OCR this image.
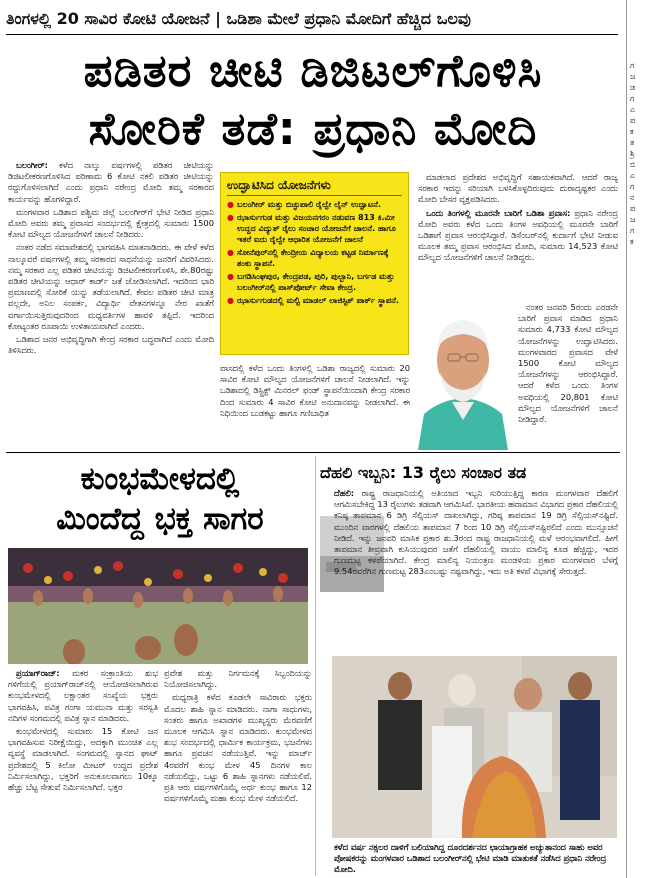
ತಿಂಗಳಲ್ಲಿ 20 ಸಾವಿರ ಕೋಟಿ ಯೋಜನೆ | ಒಡಿಶಾ ಮೇಲೆ ಪ್ರಧಾನಿ ಮೋದಿಗೆ ಹೆಚ್ಚಿದ ಒಲವು
ಪಡಿತರ ಚೀಟಿ ಡಿಜಿಟಲ್‌ಗೊಳಿಸಿ
ಸೋರಿಕೆ ತಡೆ: ಪ್ರಧಾನಿ ಮೋದಿ

ಬಲಂಗೀರ್: ಕಳೆದ ನಾಲ್ಕು ವರ್ಷಗಳಲ್ಲಿ ಪಡಿತರ ಚೀಟಿಯನ್ನು ಡಿಜಿಟಲೀಕರಣಗೊಳಿಸಿದ ಪರಿಣಾಮ 6 ಕೋಟಿ ನಕಲಿ ಪಡಿತರ ಚೀಟಿಯನ್ನು ರದ್ದುಗೊಳಿಸಲಾಗಿದೆ ಎಂದು ಪ್ರಧಾನಿ ನರೇಂದ್ರ ಮೋದಿ ತಮ್ಮ ಸರಕಾರದ ಕಾರ್ಯವನ್ನು ಹೊಗಳಿದ್ದಾರೆ.

ಮಂಗಳವಾರ ಒಡಿಶಾದ ಪಶ್ಚಿಮ ಜಿಲ್ಲೆ ಬಲಂಗೀರ್‌ಗೆ ಭೇಟಿ ನೀಡಿದ ಪ್ರಧಾನಿ ಮೋದಿ ಅವರು ತಮ್ಮ ಪ್ರವಾಸದ ಸಂದರ್ಭದಲ್ಲಿ ಕ್ಷೇತ್ರದಲ್ಲಿ ಸುಮಾರು 1500 ಕೋಟಿ ಮೌಲ್ಯದ ಯೋಜನೆಗಳಿಗೆ ಚಾಲನೆ ನೀಡಿದರು.

ನಂತರ ನಡೆದ ಸಮಾವೇಶದಲ್ಲಿ ಭಾಗವಹಿಸಿ ಮಾತನಾಡಿದರು. ಈ ವೇಳೆ ಕಳೆದ ನಾಲ್ಕೂವರೆ ವರ್ಷಗಳಲ್ಲಿ ತಮ್ಮ ಸರಕಾರದ ಸಾಧನೆಯನ್ನು ಜನರಿಗೆ ವಿವರಿಸಿದರು. ನಮ್ಮ ಸರಕಾರ ಎಲ್ಲ ಪಡಿತರ ಚೀಟಿಯನ್ನು ಡಿಜಿಟಲೀಕರಣಗೊಳಿಸಿ, ಶೇ.80ರಷ್ಟು ಪಡಿತರ ಚೀಟಿಯನ್ನು ಆಧಾರ್ ಕಾರ್ಡ್ ಜತೆ ಜೋಡಿಸಲಾಗಿದೆ. ಇದರಿಂದ ಭಾರಿ ಪ್ರಮಾಣದಲ್ಲಿ ಸೋರಿಕೆ ಯನ್ನು ತಡೆಯಲಾಗಿದೆ. ಕೇವಲ ಪಡಿತರ ಚೀಟಿ ಮಾತ್ರ ವಲ್ಲದೇ, ಅನಿಲ ಸಂಪರ್ಕ, ವಿದ್ಯಾರ್ಥಿ ವೇತನಗಳನ್ನೂ ನೇರ ಖಾತೆಗೆ ವರ್ಗಾಯಿಸುತ್ತಿರುವುದರಿಂದ ಮಧ್ಯವರ್ತಿಗಳ ಹಾವಳಿ ತಪ್ಪಿದೆ. ಇದರಿಂದ ಕೋಟ್ಯಂತರ ರೂಪಾಯಿ ಉಳಿತಾಯವಾಗಿದೆ ಎಂದರು.

ಒಡಿಶಾದ ಜನರ ಅಭಿವೃದ್ಧಿಗಾಗಿ ಕೇಂದ್ರ ಸರಕಾರ ಬದ್ಧವಾಗಿದೆ ಎಂದು ಮೋದಿ ತಿಳಿಸಿದರು.

ಉದ್ಘಾಟಿಸಿದ ಯೋಜನೆಗಳು
● ಬಲಂಗೀರ್ ಮತ್ತು ಬಿಚ್ಛುಪಾಲಿ ರೈಲ್ವೇ ಲೈನ್ ಉದ್ಘಾಟನೆ.
● ಝಾರ್ಸುಗುಡ ಮತ್ತು ವಿಜಯನಗರಂ ನಡುವಣ 813 ಕಿ.ಮೀ ಉದ್ದದ ವಿದ್ಯುತ್ ರೈಲು ಸಂಚಾರ ಯೋಜನೆಗೆ ಚಾಲನೆ. ಹಾಗೂ ಇತರೆ ಐದು ರೈಲ್ವೇ ಆಧಾರಿತ ಯೋಜನೆಗೆ ಚಾಲನೆ
● ಸೋನೆಪುರ್‌ನಲ್ಲಿ ಕೇಂದ್ರೀಯ ವಿದ್ಯಾಲಯ ಕಟ್ಟಡ ನಿರ್ಮಾಣಕ್ಕೆ ಶಂಕು ಸ್ಥಾಪನೆ.
● ಬಗಡಿಸಿಂಘಪುರ, ಕೇಂದ್ರಪಡ, ಪುರಿ, ಪುಲ್ಬಾನಿ, ಬರ್ಗಡ ಮತ್ತು ಬಲಂಗೀರ್‌ನಲ್ಲಿ ಪಾಸ್‌ಪೋರ್ಟ್ ಸೇವಾ ಕೇಂದ್ರ.
● ಝಾರ್ಸುಗುಡದಲ್ಲಿ ಮಲ್ಟಿ ಮಾಡಲ್ ಲಾಜಿಸ್ಟಿಕ್ ಪಾರ್ಕ್ ಸ್ಥಾಪನೆ.

ವಾಸದಲ್ಲಿ ಕಳೆದ ಒಂದು ತಿಂಗಳಲ್ಲಿ ಒಡಿಶಾ ರಾಜ್ಯದಲ್ಲಿ ಸುಮಾರು 20 ಸಾವಿರ ಕೋಟಿ ಮೌಲ್ಯದ ಯೋಜನೆಗಳಿಗೆ ಚಾಲನೆ ನೀಡಲಾಗಿದೆ. ಇನ್ನು ಒಡಿಶಾದಲ್ಲಿ ಡಿಸ್ಟ್ರಿಕ್ಟ್ ಮಿನರಲ್ ಫಂಡ್ ಸ್ಥಾಪನೆಯಿಂದಾಗಿ ಕೇಂದ್ರ ಸರಕಾರ ದಿಂದ ಸುಮಾರು 4 ಸಾವಿರ ಕೋಟಿ ಅನುದಾನವನ್ನು ನೀಡಲಾಗಿದೆ. ಈ ನಿಧಿಯಿಂದ ಬುಡಕಟ್ಟು ಹಾಗೂ ಗಣಿಬಾಧಿತ

ಮಾಡಲಾದ ಪ್ರದೇಶದ ಅಭಿವೃದ್ಧಿಗೆ ಸಹಾಯಕವಾಗಿದೆ. ಆದರೆ ರಾಜ್ಯ ಸರಕಾರ ಇದನ್ನು ಸರಿಯಾಗಿ ಬಳಸಿಕೊಳ್ಳದಿರುವುದು ದುರಾದೃಷ್ಟಕರ ಎಂದು ಮೋದಿ ಬೇಸರ ವ್ಯಕ್ತಪಡಿಸಿದರು.

ಒಂದು ತಿಂಗಳಲ್ಲಿ ಮೂರನೇ ಬಾರಿಗೆ ಒಡಿಶಾ ಪ್ರವಾಸ: ಪ್ರಧಾನಿ ನರೇಂದ್ರ ಮೋದಿ ಅವರು ಕಳೆದ ಒಂದು ತಿಂಗಳ ಅವಧಿಯಲ್ಲಿ ಮೂರನೇ ಬಾರಿಗೆ ಒಡಿಶಾಗೆ ಪ್ರವಾಸ ಆರಂಭಿಸಿದ್ದಾರೆ. ಡಿಸೆಂಬರ್‌ನಲ್ಲಿ ಕುರ್ದಾಗೆ ಭೇಟಿ ನೀಡುವ ಮೂಲಕ ತಮ್ಮ ಪ್ರವಾಸ ಆರಂಭಿಸಿದ ಮೋದಿ, ಸುಮಾರು 14,523 ಕೋಟಿ ಮೌಲ್ಯದ ಯೋಜನೆಗಳಿಗೆ ಚಾಲನೆ ನೀಡಿದ್ದರು.

ನಂತರ ಜನವರಿ 5ರಂದು ಎರಡನೇ ಬಾರಿಗೆ ಪ್ರವಾಸ ಮಾಡಿದ ಪ್ರಧಾನಿ ಸುಮಾರು 4,733 ಕೋಟಿ ಮೌಲ್ಯದ ಯೋಜನೆಗಳನ್ನು ಉದ್ಘಾಟಿಸಿದರು. ಮಂಗಳವಾರದ ಪ್ರವಾಸದ ವೇಳೆ 1500 ಕೋಟಿ ಮೌಲ್ಯದ ಯೋಜನೆಗಳನ್ನು ಆರಂಭಿಸಿದ್ದಾರೆ. ಆದರೆ ಕಳೆದ ಒಂದು ತಿಂಗಳ ಅವಧಿಯಲ್ಲಿ 20,801 ಕೋಟಿ ಮೌಲ್ಯದ ಯೋಜನೆಗಳಿಗೆ ಚಾಲನೆ ನೀಡಿದ್ದಾರೆ.

ಕುಂಭಮೇಳದಲ್ಲಿ
ಮಿಂದೆದ್ದ ಭಕ್ತ ಸಾಗರ

ಪ್ರಯಾಗ್‌ರಾಜ್: ಮಕರ ಸಂಕ್ರಾಂತಿಯ ಶುಭ ಗಳಿಗೆಯಲ್ಲಿ ಪ್ರಯಾಗ್‌ರಾಜ್‌ನಲ್ಲಿ ಆಯೋಜಿಸಲಾಗಿರುವ ಕುಂಭಮೇಳದಲ್ಲಿ ಲಕ್ಷಾಂತರ ಸಂಖ್ಯೆಯ ಭಕ್ತರು ಭಾಗವಹಿಸಿ, ಪವಿತ್ರ ಗಂಗಾ ಯಮುನಾ ಮತ್ತು ಸರಸ್ವತಿ ನದಿಗಳ ಸಂಗಮದಲ್ಲಿ ಪವಿತ್ರ ಸ್ನಾನ ಮಾಡಿದರು.

ಕುಂಭಮೇಳದಲ್ಲಿ ಸುಮಾರು 15 ಕೋಟಿ ಜನ ಭಾಗವಹಿಸುವ ನಿರೀಕ್ಷೆಯಿದ್ದು, ಅದಕ್ಕಾಗಿ ಮುಂಚಿತ ಎಲ್ಲ ವ್ಯವಸ್ಥೆ ಮಾಡಲಾಗಿದೆ. ಸಂಗಮದಲ್ಲಿ ಸ್ನಾನದ ಘಾಟ್ ಪ್ರದೇಶದಲ್ಲಿ 5 ಕಿಲೋ ಮೀಟರ್ ಉದ್ದದ ಪ್ರದೇಶ ನಿರ್ಮಿಸಲಾಗಿದ್ದು, ಭಕ್ತರಿಗೆ ಅನುಕೂಲವಾಗಲು 10ಕ್ಕೂ ಹೆಚ್ಚು ಬೆಟ್ಟ ಸೇತುವೆ ನಿರ್ಮಿಸಲಾಗಿದೆ. ಭಕ್ತರ

ಪ್ರವೇಶ ಮತ್ತು ನಿರ್ಗಮನಕ್ಕೆ ಸಿಬ್ಬಂದಿಯನ್ನು ನಿಯೋಜಿಸಲಾಗಿದ್ದು.

ಮಧ್ಯರಾತ್ರಿ ಕಳೆದ ಕೂಡಲೇ ಸಾವಿರಾರು ಭಕ್ತರು ಮೊದಲ ಶಾಹಿ ಸ್ನಾನ ಮಾಡಿದರು. ನಾಗಾ ಸಾಧುಗಳು, ಸಂತರು ಹಾಗೂ ಅಖಾಡಗಳ ಮುಖ್ಯಸ್ಥರು ಮೆರವಣಿಗೆ ಮೂಲಕ ಆಗಮಿಸಿ ಸ್ನಾನ ಮಾಡಿದರು. ಕುಂಭಮೇಳದ ಶುಭ ಸಂದರ್ಭದಲ್ಲಿ ಧಾರ್ಮಿಕ ಕಾರ್ಯಕ್ರಮ, ಭಜನೆಗಳು ಹಾಗೂ ಪ್ರವಚನ ನಡೆಯುತ್ತಿವೆ. ಇನ್ನು ಮಾರ್ಚ್ 4ರವರೆಗೆ ಕುಂಭ ಮೇಳ 45 ದಿನಗಳ ಕಾಲ ನಡೆಯಲಿದ್ದು, ಒಟ್ಟು 6 ಶಾಹಿ ಸ್ನಾನಗಳು ನಡೆಯಲಿವೆ. ಪ್ರತಿ ಆರು ವರ್ಷಗಳಿಗೊಮ್ಮೆ ಅರ್ಧ ಕುಂಭ ಹಾಗೂ 12 ವರ್ಷಗಳಿಗೊಮ್ಮೆ ಮಹಾ ಕುಂಭ ಮೇಳ ನಡೆಯಲಿದೆ.

ದೆಹಲಿ ಇಬ್ಬನಿ: 13 ರೈಲು ಸಂಚಾರ ತಡ

ದೆಹಲಿ: ರಾಷ್ಟ್ರ ರಾಜಧಾನಿಯಲ್ಲಿ ಅತಿಯಾದ ಇಬ್ಬನಿ ಸುರಿಯುತ್ತಿದ್ದ ಕಾರಣ ಮಂಗಳವಾರ ದೆಹಲಿಗೆ ಆಗಮಿಸಬೇಕಿದ್ದ 13 ರೈಲುಗಳು ತಡವಾಗಿ ಆಗಮಿಸಿವೆ. ಭಾರತೀಯ ಹವಾಮಾನ ವಿಭಾಗದ ಪ್ರಕಾರ ದೆಹಲಿಯಲ್ಲಿ ಕನಿಷ್ಠ ತಾಪಮಾನ 6 ಡಿಗ್ರಿ ಸೆಲ್ಸಿಯಸ್ ದಾಖಲಾಗಿದ್ದು, ಗರಿಷ್ಠ ತಾಪಮಾನ 19 ಡಿಗ್ರಿ ಸೆಲ್ಸಿಯಸ್‌ನಷ್ಟಿದೆ. ಮುಂದಿನ ವಾರಗಳಲ್ಲಿ ದೆಹಲಿಯ ತಾಪಮಾನ 7 ರಿಂದ 10 ಡಿಗ್ರಿ ಸೆಲ್ಸಿಯಸ್‌ನಷ್ಟಿರಲಿದೆ ಎಂದು ಮುನ್ಸೂಚನೆ ನೀಡಿದೆ. ಇನ್ನು ಜನವರಿ ಮಾಸಿಕ ಪ್ರಕಾರ ಶು.3ರಂದ ರಾಷ್ಟ್ರ ರಾಜಧಾನಿಯಲ್ಲಿ ಮಳೆ ಆರಂಭವಾಗಲಿದೆ. ಹೀಗೆ ತಾಪಮಾನ ತೀವ್ರವಾಗಿ ಕುಸಿಯುವುದರ ಜತೆಗೆ ದೆಹಲಿಯಲ್ಲಿ ವಾಯು ಮಾಲಿನ್ಯ ಕೂಡ ಹೆಚ್ಚಿದ್ದು, ಇದರ ಗುಣಮಟ್ಟ ಕಳಪೆಯಾಗಿದೆ. ಕೇಂದ್ರ ಮಾಲಿನ್ಯ ನಿಯಂತ್ರಣ ಮಂಡಳಿಯ ಪ್ರಕಾರ ಮಂಗಳವಾರ ಬೆಳಗ್ಗೆ 9.54ರವರೆಗಿನ ಗುಣಮಟ್ಟ 283ಎಂಬಷ್ಟು ನಷ್ಟವಾಗಿದ್ದು, ಇದು ಅತಿ ಕಳಪೆ ವಿಭಾಗಕ್ಕೆ ಸೇರುತ್ತದೆ.

ಕಳೆದ ವರ್ಷ ನಕ್ಸಲರ ದಾಳಿಗೆ ಬಲಿಯಾಗಿದ್ದ ದೂರದರ್ಶನದ ಛಾಯಾಗ್ರಾಹಕ ಅಚ್ಯುತಾನಂದ ಸಾಹು ಅವರ ಪೋಷಕರನ್ನು ಮಂಗಳವಾರ ಒಡಿಶಾದ ಬಲಂಗೀರ್‌ನಲ್ಲಿ ಭೇಟಿ ಮಾಡಿ ಮಾತುಕತೆ ನಡೆಸಿದ ಪ್ರಧಾನಿ ನರೇಂದ್ರ ಮೋದಿ.
ಗ
ಜ
ಡ
ಗ
ಎ
ಪ
ಕ
ತ
ಶ್ರಿ
ಬಿ
ಎ
ಗ
ನ
ಪ
ಜ
ಗ
ಕ
